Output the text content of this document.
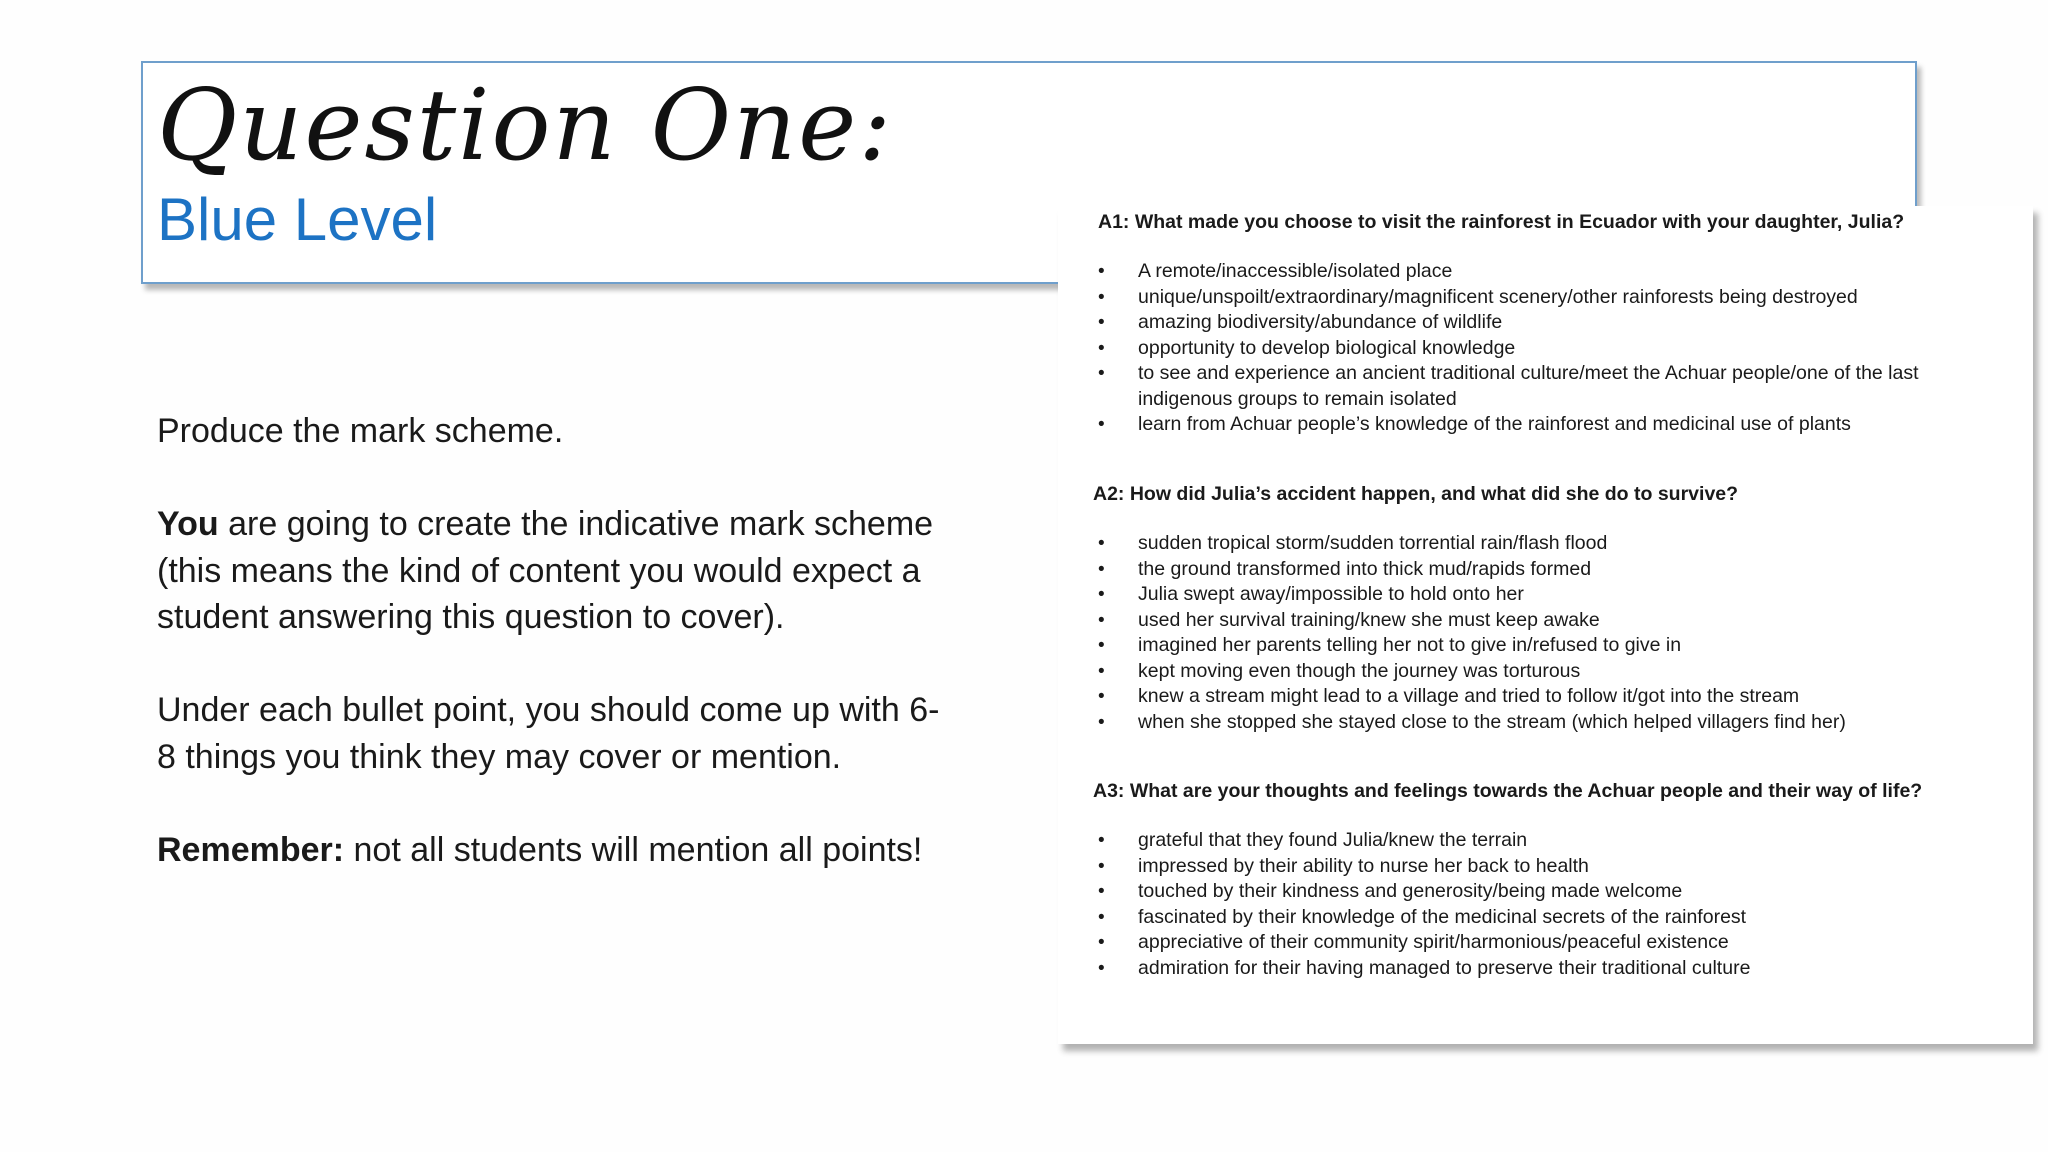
Question One:
Blue Level

Produce the mark scheme.

You are going to create the indicative mark scheme (this means the kind of content you would expect a student answering this question to cover).

Under each bullet point, you should come up with 6-8 things you think they may cover or mention.

Remember: not all students will mention all points!

A1: What made you choose to visit the rainforest in Ecuador with your daughter, Julia?
• A remote/inaccessible/isolated place
• unique/unspoilt/extraordinary/magnificent scenery/other rainforests being destroyed
• amazing biodiversity/abundance of wildlife
• opportunity to develop biological knowledge
• to see and experience an ancient traditional culture/meet the Achuar people/one of the last indigenous groups to remain isolated
• learn from Achuar people’s knowledge of the rainforest and medicinal use of plants
A2: How did Julia’s accident happen, and what did she do to survive?
• sudden tropical storm/sudden torrential rain/flash flood
• the ground transformed into thick mud/rapids formed
• Julia swept away/impossible to hold onto her
• used her survival training/knew she must keep awake
• imagined her parents telling her not to give in/refused to give in
• kept moving even though the journey was torturous
• knew a stream might lead to a village and tried to follow it/got into the stream
• when she stopped she stayed close to the stream (which helped villagers find her)
A3: What are your thoughts and feelings towards the Achuar people and their way of life?
• grateful that they found Julia/knew the terrain
• impressed by their ability to nurse her back to health
• touched by their kindness and generosity/being made welcome
• fascinated by their knowledge of the medicinal secrets of the rainforest
• appreciative of their community spirit/harmonious/peaceful existence
• admiration for their having managed to preserve their traditional culture
